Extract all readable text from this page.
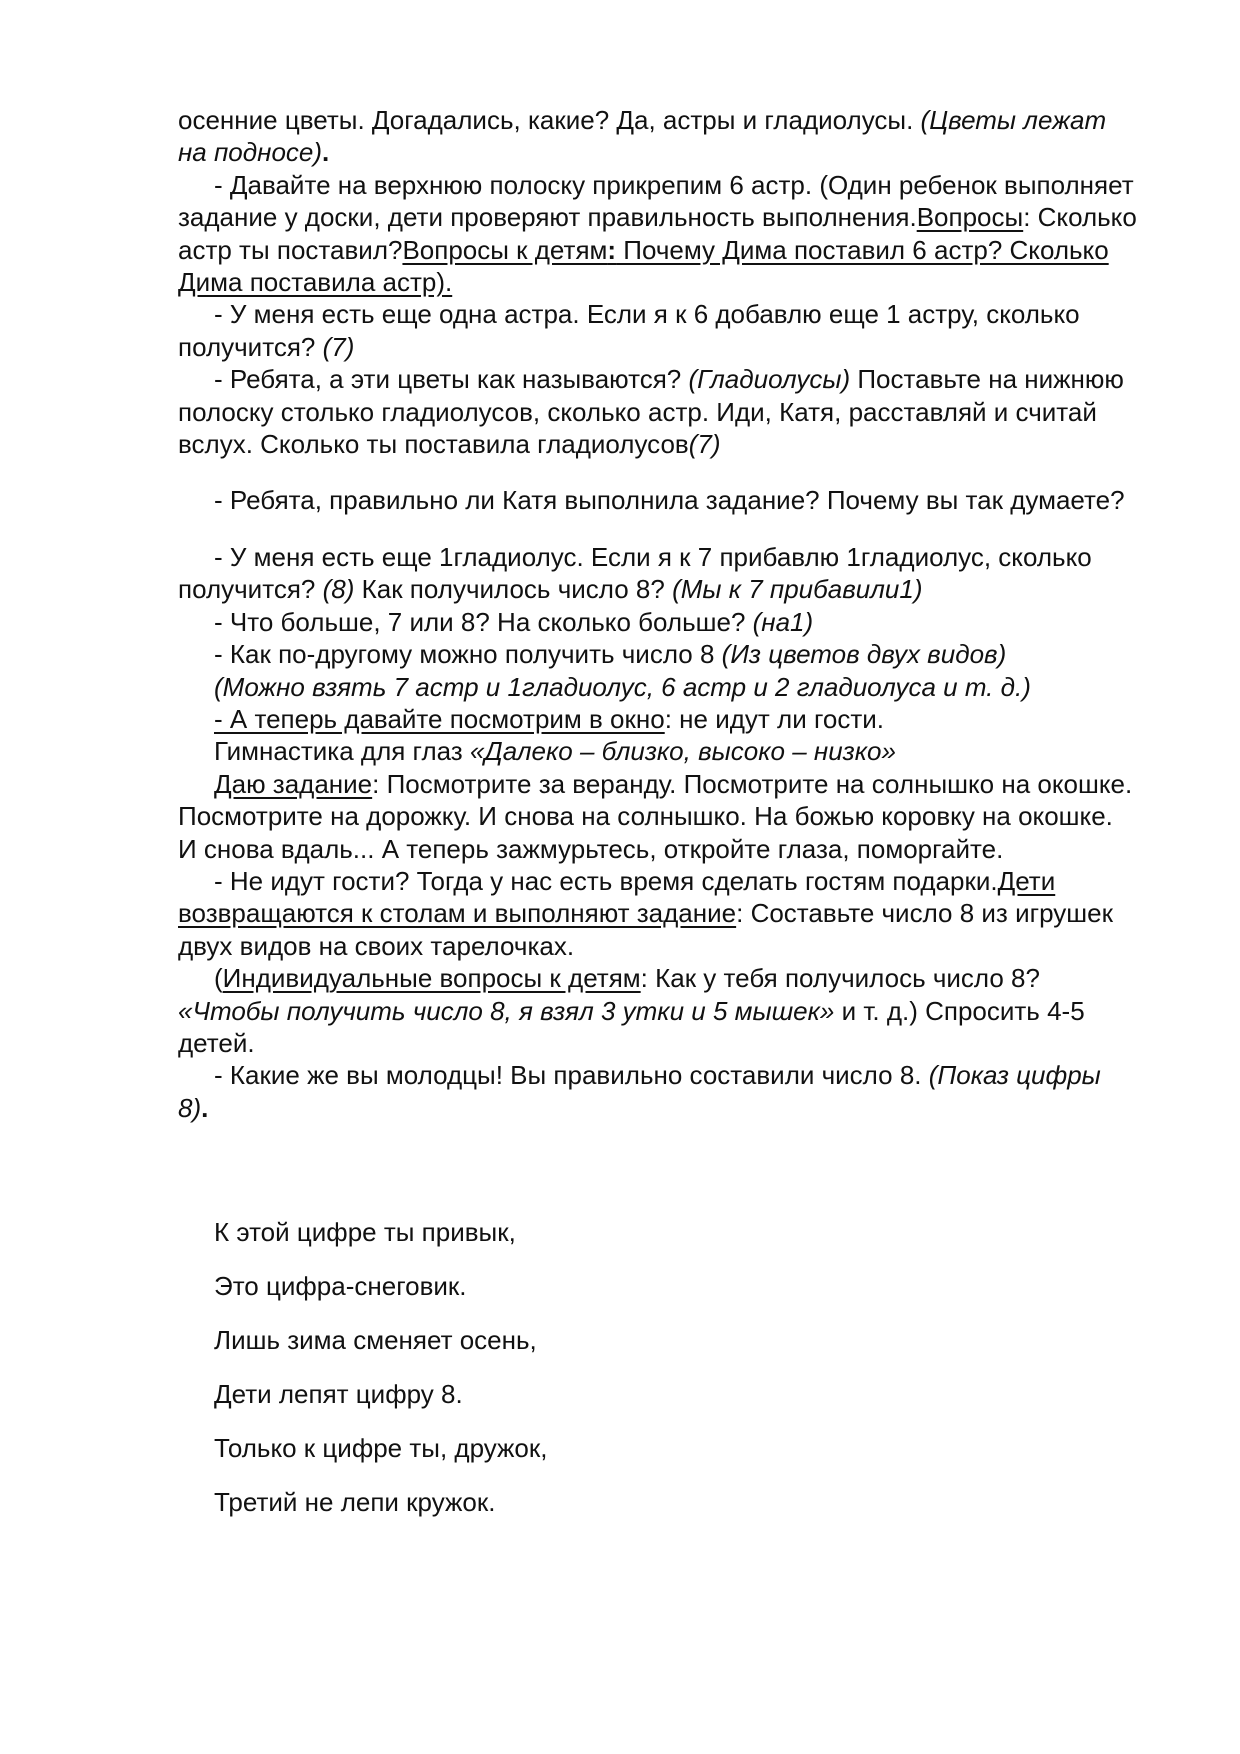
осенние цветы. Догадались, какие? Да, астры и гладиолусы. (Цветы лежат на подносе).

- Давайте на верхнюю полоску прикрепим 6 астр. (Один ребенок выполняет задание у доски, дети проверяют правильность выполнения.Вопросы: Сколько астр ты поставил?Вопросы к детям: Почему Дима поставил 6 астр? Сколько Дима поставила астр).

- У меня есть еще одна астра. Если я к 6 добавлю еще 1 астру, сколько получится? (7)

- Ребята, а эти цветы как называются? (Гладиолусы) Поставьте на нижнюю полоску столько гладиолусов, сколько астр. Иди, Катя, расставляй и считай вслух. Сколько ты поставила гладиолусов(7)

- Ребята, правильно ли Катя выполнила задание? Почему вы так думаете?

- У меня есть еще 1гладиолус. Если я к 7 прибавлю 1гладиолус, сколько получится? (8) Как получилось число 8? (Мы к 7 прибавили1)

- Что больше, 7 или 8? На сколько больше? (на1)

- Как по-другому можно получить число 8 (Из цветов двух видов)

(Можно взять 7 астр и 1гладиолус, 6 астр и 2 гладиолуса и т. д.)

- А теперь давайте посмотрим в окно: не идут ли гости.

Гимнастика для глаз «Далеко – близко, высоко – низко»

Даю задание: Посмотрите за веранду. Посмотрите на солнышко на окошке. Посмотрите на дорожку. И снова на солнышко. На божью коровку на окошке. И снова вдаль... А теперь зажмурьтесь, откройте глаза, поморгайте.

- Не идут гости? Тогда у нас есть время сделать гостям подарки.Дети возвращаются к столам и выполняют задание: Составьте число 8 из игрушек двух видов на своих тарелочках.

(Индивидуальные вопросы к детям: Как у тебя получилось число 8? «Чтобы получить число 8, я взял 3 утки и 5 мышек» и т. д.) Спросить 4-5 детей.

- Какие же вы молодцы! Вы правильно составили число 8. (Показ цифры 8).

К этой цифре ты привык,

Это цифра-снеговик.

Лишь зима сменяет осень,

Дети лепят цифру 8.

Только к цифре ты, дружок,

Третий не лепи кружок.
